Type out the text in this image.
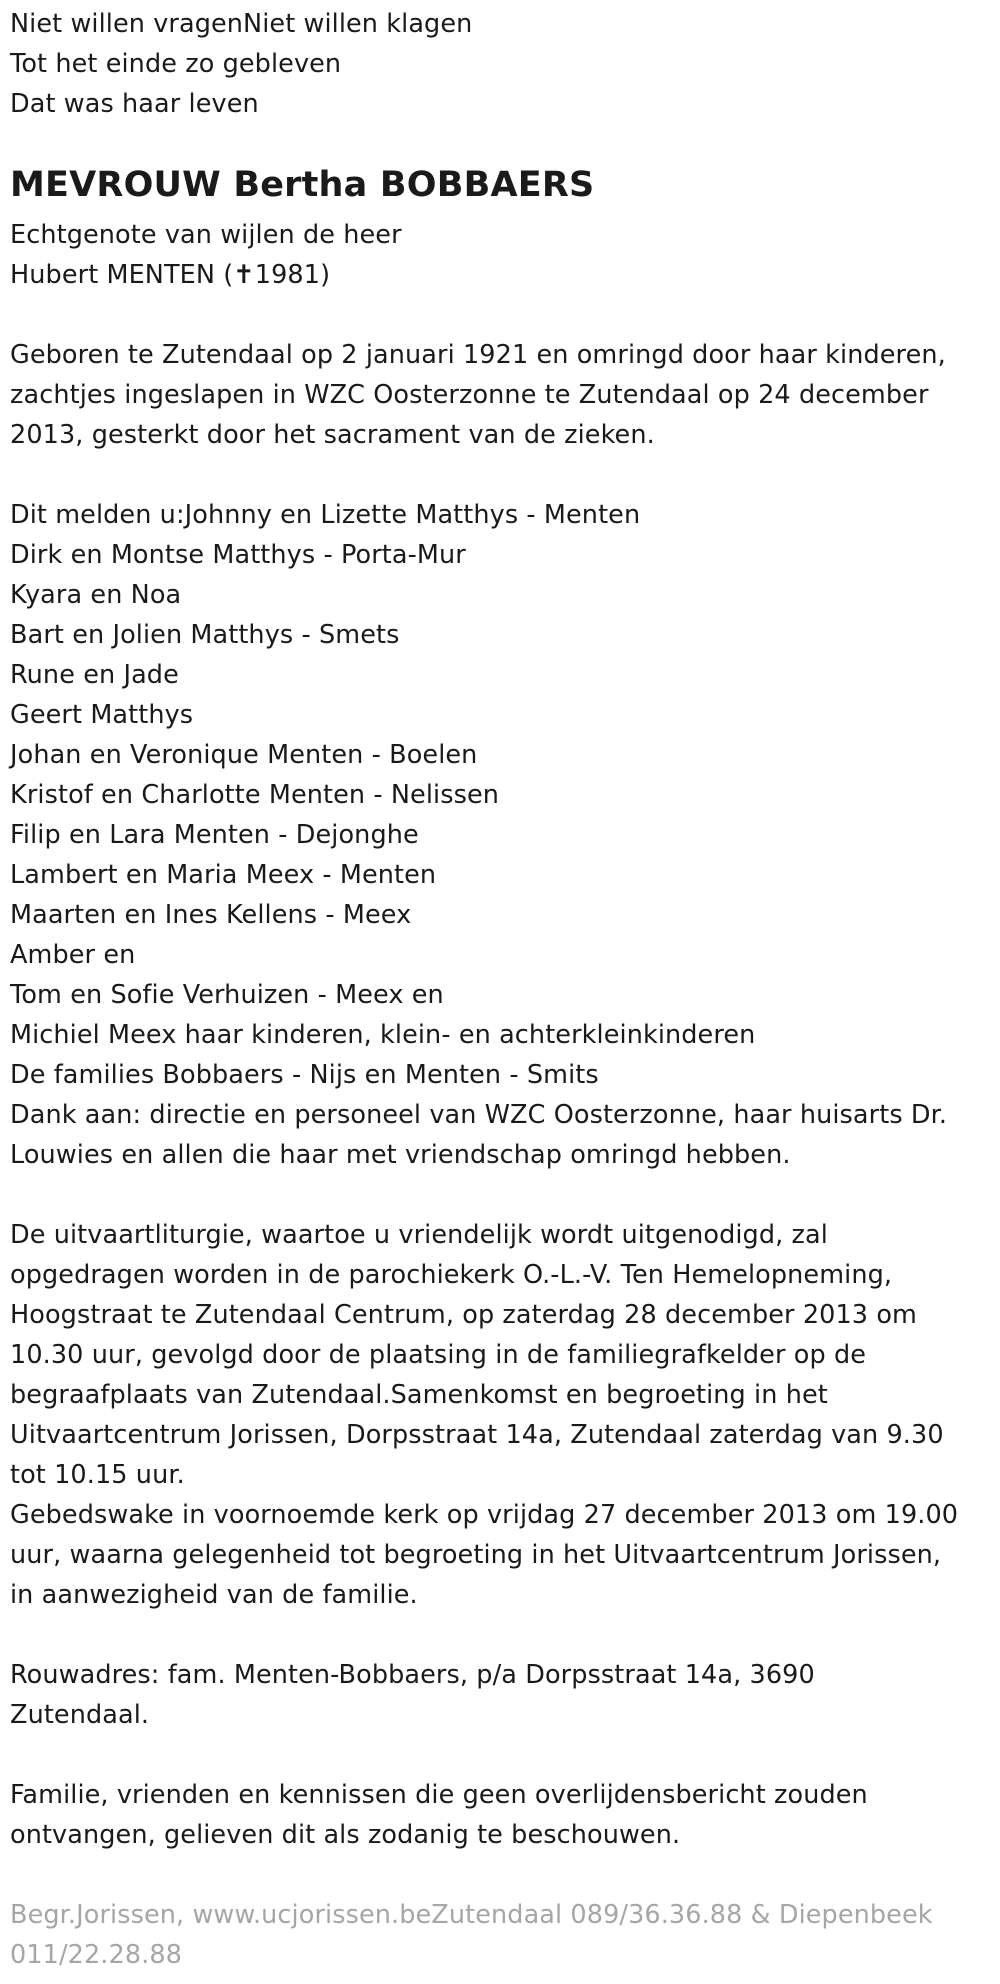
Niet willen vragenNiet willen klagen
Tot het einde zo gebleven
Dat was haar leven
MEVROUW Bertha BOBBAERS
Echtgenote van wijlen de heer
Hubert MENTEN (✝1981)
Geboren te Zutendaal op 2 januari 1921 en omringd door haar kinderen,
zachtjes ingeslapen in WZC Oosterzonne te Zutendaal op 24 december
2013, gesterkt door het sacrament van de zieken.
Dit melden u:Johnny en Lizette Matthys - Menten
Dirk en Montse Matthys - Porta-Mur
Kyara en Noa
Bart en Jolien Matthys - Smets
Rune en Jade
Geert Matthys
Johan en Veronique Menten - Boelen
Kristof en Charlotte Menten - Nelissen
Filip en Lara Menten - Dejonghe
Lambert en Maria Meex - Menten
Maarten en Ines Kellens - Meex
Amber en
Tom en Sofie Verhuizen - Meex en
Michiel Meex haar kinderen, klein- en achterkleinkinderen
De families Bobbaers - Nijs en Menten - Smits
Dank aan: directie en personeel van WZC Oosterzonne, haar huisarts Dr.
Louwies en allen die haar met vriendschap omringd hebben.
De uitvaartliturgie, waartoe u vriendelijk wordt uitgenodigd, zal
opgedragen worden in de parochiekerk O.-L.-V. Ten Hemelopneming,
Hoogstraat te Zutendaal Centrum, op zaterdag 28 december 2013 om
10.30 uur, gevolgd door de plaatsing in de familiegrafkelder op de
begraafplaats van Zutendaal.Samenkomst en begroeting in het
Uitvaartcentrum Jorissen, Dorpsstraat 14a, Zutendaal zaterdag van 9.30
tot 10.15 uur.
Gebedswake in voornoemde kerk op vrijdag 27 december 2013 om 19.00
uur, waarna gelegenheid tot begroeting in het Uitvaartcentrum Jorissen,
in aanwezigheid van de familie.
Rouwadres: fam. Menten-Bobbaers, p/a Dorpsstraat 14a, 3690
Zutendaal.
Familie, vrienden en kennissen die geen overlijdensbericht zouden
ontvangen, gelieven dit als zodanig te beschouwen.
Begr.Jorissen, www.ucjorissen.beZutendaal 089/36.36.88 & Diepenbeek
011/22.28.88
